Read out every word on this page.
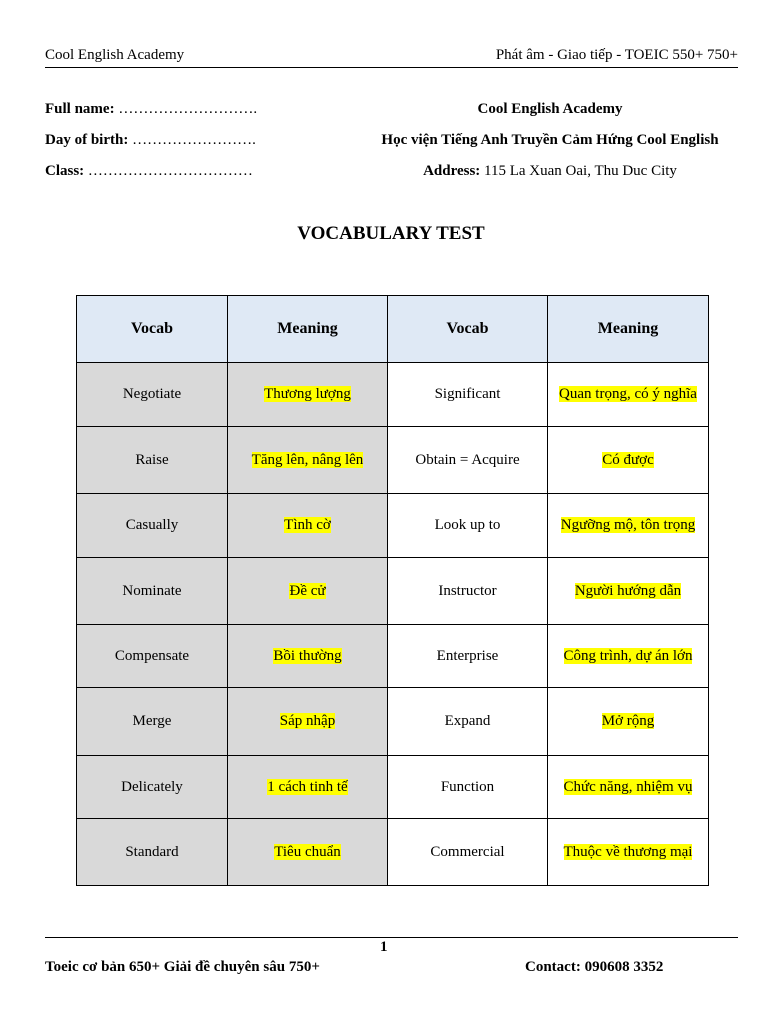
Cool English Academy	Phát âm - Giao tiếp - TOEIC 550+ 750+
Full name: ……………………….
Day of birth: …………………….
Class: ……………………………
Cool English Academy
Học viện Tiếng Anh Truyền Cảm Hứng Cool English
Address: 115 La Xuan Oai, Thu Duc City
VOCABULARY TEST
Vocab	Meaning	Vocab	Meaning
Negotiate	Thương lượng	Significant	Quan trọng, có ý nghĩa
Raise	Tăng lên, nâng lên	Obtain = Acquire	Có được
Casually	Tình cờ	Look up to	Ngưỡng mộ, tôn trọng
Nominate	Đề cử	Instructor	Người hướng dẫn
Compensate	Bồi thường	Enterprise	Công trình, dự án lớn
Merge	Sáp nhập	Expand	Mở rộng
Delicately	1 cách tinh tế	Function	Chức năng, nhiệm vụ
Standard	Tiêu chuẩn	Commercial	Thuộc về thương mại
1
Toeic cơ bản 650+ Giải đề chuyên sâu 750+	Contact: 090608 3352
